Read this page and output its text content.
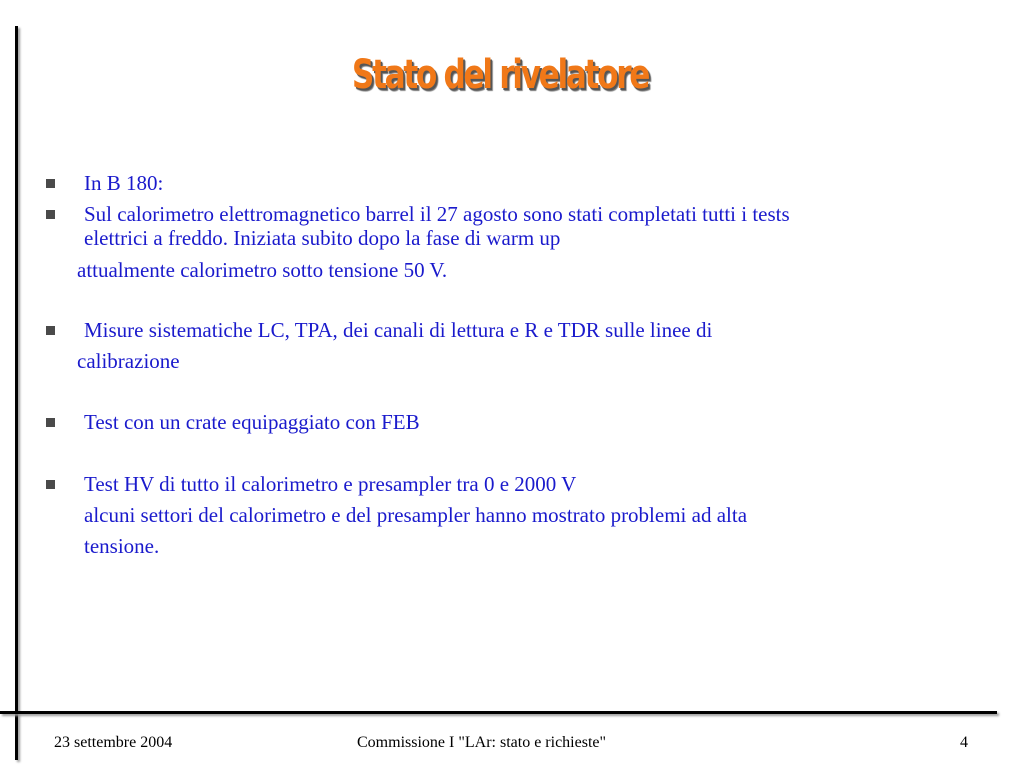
Stato del rivelatore
In B 180:
Sul calorimetro elettromagnetico barrel il 27 agosto sono stati completati tutti i tests
elettrici a freddo. Iniziata subito dopo la fase di warm up
attualmente calorimetro sotto tensione 50 V.
Misure sistematiche LC, TPA, dei canali di lettura e R e TDR sulle linee di
calibrazione
Test con un crate equipaggiato con FEB
Test HV di tutto il calorimetro e presampler tra 0 e 2000 V
alcuni settori del calorimetro e del presampler hanno mostrato problemi ad alta
tensione.
23 settembre 2004	Commissione I "LAr: stato e richieste"	4
